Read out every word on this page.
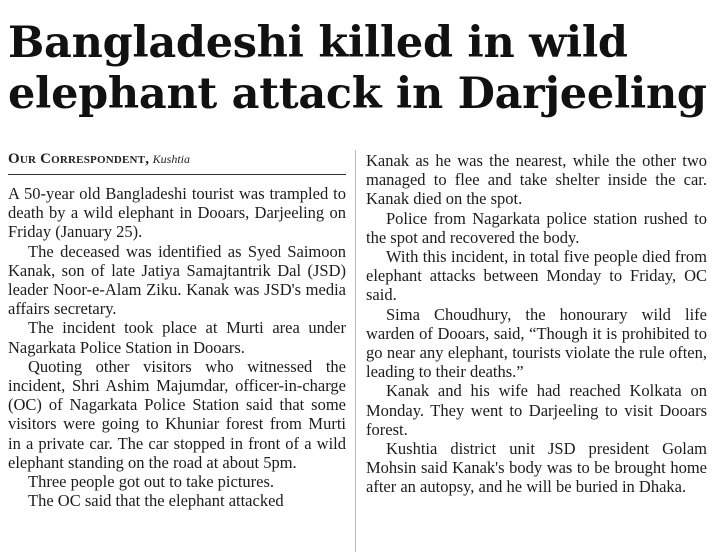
Bangladeshi killed in wild elephant attack in Darjeeling
Our Correspondent, Kushtia

A 50-year old Bangladeshi tourist was trampled to death by a wild elephant in Dooars, Darjeeling on Friday (January 25).

The deceased was identified as Syed Saimoon Kanak, son of late Jatiya Samajtantrik Dal (JSD) leader Noor-e-Alam Ziku. Kanak was JSD's media affairs secretary.

The incident took place at Murti area under Nagarkata Police Station in Dooars.

Quoting other visitors who witnessed the incident, Shri Ashim Majumdar, officer-in-charge (OC) of Nagarkata Police Station said that some visitors were going to Khuniar forest from Murti in a private car. The car stopped in front of a wild elephant standing on the road at about 5pm.

Three people got out to take pictures.

The OC said that the elephant attacked

Kanak as he was the nearest, while the other two managed to flee and take shelter inside the car. Kanak died on the spot.

Police from Nagarkata police station rushed to the spot and recovered the body.

With this incident, in total five people died from elephant attacks between Monday to Friday, OC said.

Sima Choudhury, the honourary wild life warden of Dooars, said, “Though it is prohibited to go near any elephant, tourists violate the rule often, leading to their deaths.”

Kanak and his wife had reached Kolkata on Monday. They went to Darjeeling to visit Dooars forest.

Kushtia district unit JSD president Golam Mohsin said Kanak's body was to be brought home after an autopsy, and he will be buried in Dhaka.
